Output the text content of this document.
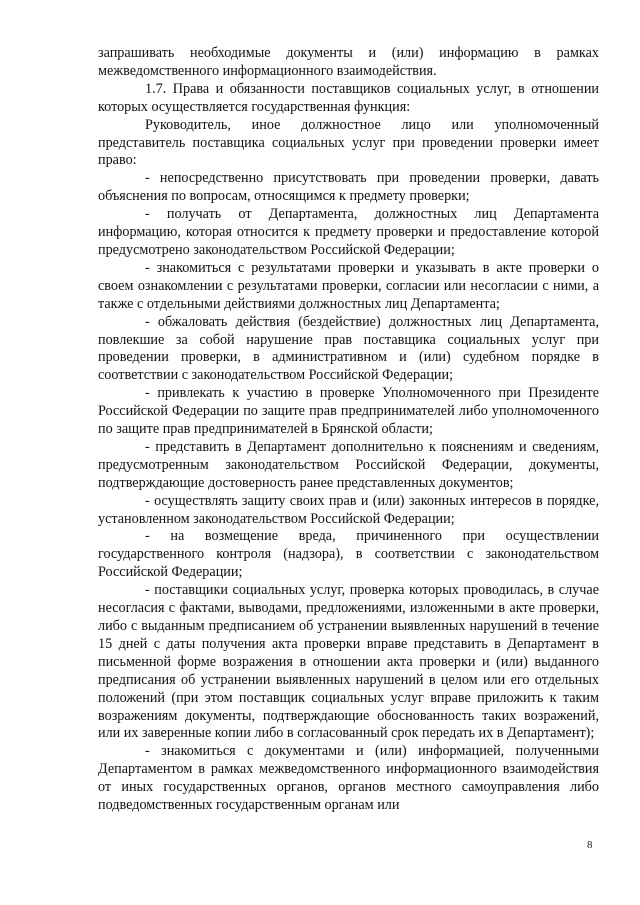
запрашивать необходимые документы и (или) информацию в рамках межведомственного информационного взаимодействия.

1.7. Права и обязанности поставщиков социальных услуг, в отношении которых осуществляется государственная функция:

Руководитель, иное должностное лицо или уполномоченный представитель поставщика социальных услуг при проведении проверки имеет право:

- непосредственно присутствовать при проведении проверки, давать объяснения по вопросам, относящимся к предмету проверки;

- получать от Департамента, должностных лиц Департамента информацию, которая относится к предмету проверки и предоставление которой предусмотрено законодательством Российской Федерации;

- знакомиться с результатами проверки и указывать в акте проверки о своем ознакомлении с результатами проверки, согласии или несогласии с ними, а также с отдельными действиями должностных лиц Департамента;

- обжаловать действия (бездействие) должностных лиц Департамента, повлекшие за собой нарушение прав поставщика социальных услуг при проведении проверки, в административном и (или) судебном порядке в соответствии с законодательством Российской Федерации;

- привлекать к участию в проверке Уполномоченного при Президенте Российской Федерации по защите прав предпринимателей либо уполномоченного по защите прав предпринимателей в Брянской области;

- представить в Департамент дополнительно к пояснениям и сведениям, предусмотренным законодательством Российской Федерации, документы, подтверждающие достоверность ранее представленных документов;

- осуществлять защиту своих прав и (или) законных интересов в порядке, установленном законодательством Российской Федерации;

- на возмещение вреда, причиненного при осуществлении государственного контроля (надзора), в соответствии с законодательством Российской Федерации;

- поставщики социальных услуг, проверка которых проводилась, в случае несогласия с фактами, выводами, предложениями, изложенными в акте проверки, либо с выданным предписанием об устранении выявленных нарушений в течение 15 дней с даты получения акта проверки вправе представить в Департамент в письменной форме возражения в отношении акта проверки и (или) выданного предписания об устранении выявленных нарушений в целом или его отдельных положений (при этом поставщик социальных услуг вправе приложить к таким возражениям документы, подтверждающие обоснованность таких возражений, или их заверенные копии либо в согласованный срок передать их в Департамент);

- знакомиться с документами и (или) информацией, полученными Департаментом в рамках межведомственного информационного взаимодействия от иных государственных органов, органов местного самоуправления либо подведомственных государственным органам или

8
